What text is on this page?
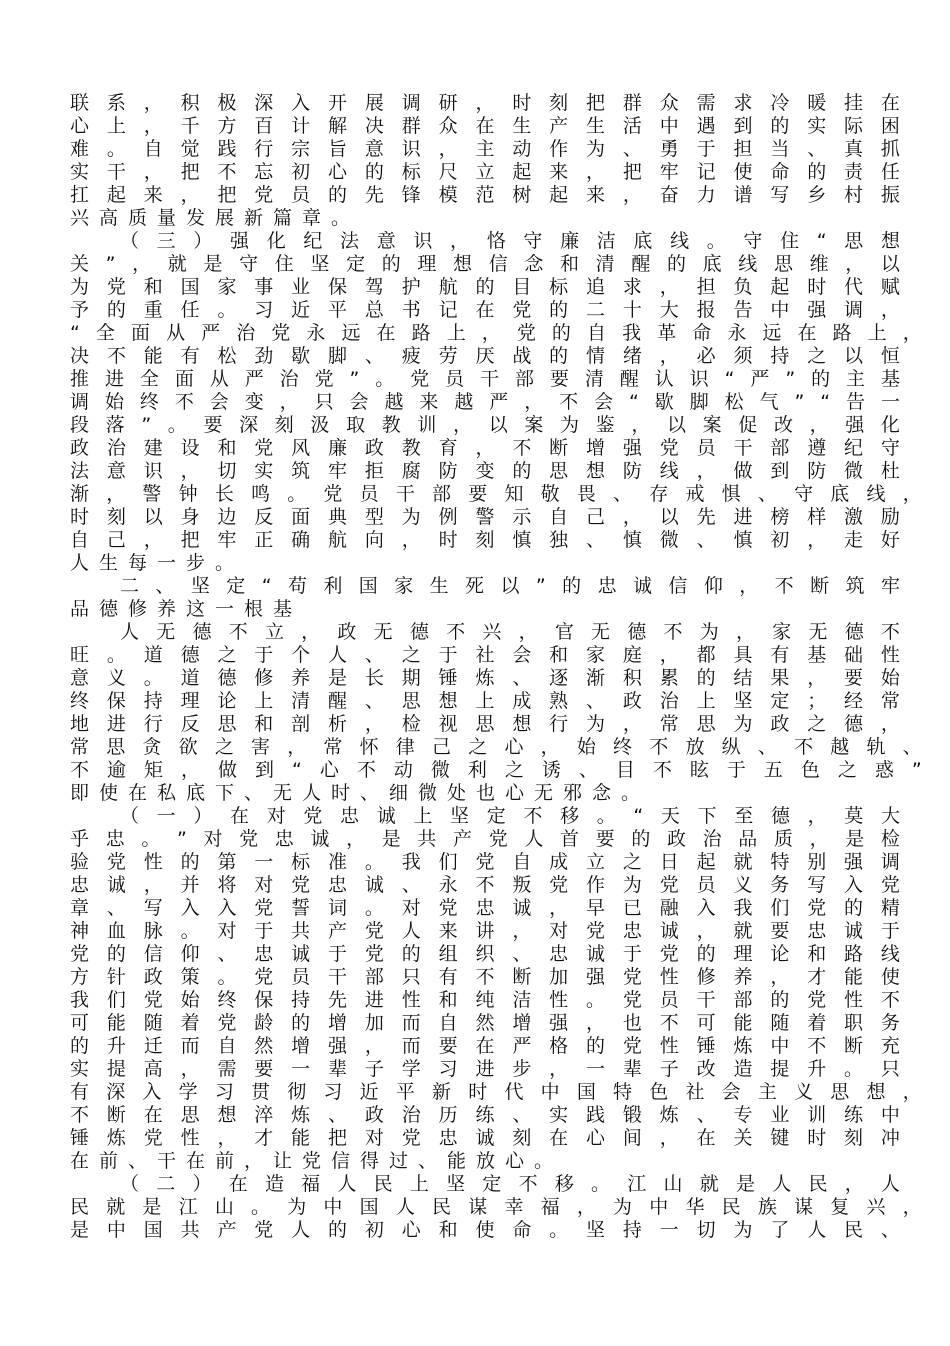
联 系 ， 积 极 深 入 开 展 调 研 ， 时 刻 把 群 众 需 求 冷 暖 挂 在
心 上 ， 千 方 百 计 解 决 群 众 在 生 产 生 活 中 遇 到 的 实 际 困
难 。 自 觉 践 行 宗 旨 意 识 ， 主 动 作 为 、 勇 于 担 当 、 真 抓
实 干 ， 把 不 忘 初 心 的 标 尺 立 起 来 ， 把 牢 记 使 命 的 责 任
扛 起 来 ， 把 党 员 的 先 锋 模 范 树 起 来 ， 奋 力 谱 写 乡 村 振
兴高质量发展新篇章。
（ 三 ） 强 化 纪 法 意 识 ， 恪 守 廉 洁 底 线 。 守 住 “ 思 想
关 ” ， 就 是 守 住 坚 定 的 理 想 信 念 和 清 醒 的 底 线 思 维 ， 以
为 党 和 国 家 事 业 保 驾 护 航 的 目 标 追 求 ， 担 负 起 时 代 赋
予 的 重 任 。 习 近 平 总 书 记 在 党 的 二 十 大 报 告 中 强 调 ，
“ 全 面 从 严 治 党 永 远 在 路 上 ， 党 的 自 我 革 命 永 远 在 路 上 ，
决 不 能 有 松 劲 歇 脚 、 疲 劳 厌 战 的 情 绪 ， 必 须 持 之 以 恒
推 进 全 面 从 严 治 党 ” 。 党 员 干 部 要 清 醒 认 识 “ 严 ” 的 主 基
调 始 终 不 会 变 ， 只 会 越 来 越 严 ， 不 会 “ 歇 脚 松 气 ” “ 告 一
段 落 ” 。 要 深 刻 汲 取 教 训 ， 以 案 为 鉴 ， 以 案 促 改 ， 强 化
政 治 建 设 和 党 风 廉 政 教 育 ， 不 断 增 强 党 员 干 部 遵 纪 守
法 意 识 ， 切 实 筑 牢 拒 腐 防 变 的 思 想 防 线 ， 做 到 防 微 杜
渐 ， 警 钟 长 鸣 。 党 员 干 部 要 知 敬 畏 、 存 戒 惧 、 守 底 线 ，
时 刻 以 身 边 反 面 典 型 为 例 警 示 自 己 ， 以 先 进 榜 样 激 励
自 己 ， 把 牢 正 确 航 向 ， 时 刻 慎 独 、 慎 微 、 慎 初 ， 走 好
人生每一步。
二 、 坚 定 “ 苟 利 国 家 生 死 以 ” 的 忠 诚 信 仰 ， 不 断 筑 牢
品德修养这一根基
人 无 德 不 立 ， 政 无 德 不 兴 ， 官 无 德 不 为 ， 家 无 德 不
旺 。 道 德 之 于 个 人 、 之 于 社 会 和 家 庭 ， 都 具 有 基 础 性
意 义 。 道 德 修 养 是 长 期 锤 炼 、 逐 渐 积 累 的 结 果 ， 要 始
终 保 持 理 论 上 清 醒 、 思 想 上 成 熟 、 政 治 上 坚 定 ； 经 常
地 进 行 反 思 和 剖 析 ， 检 视 思 想 行 为 ， 常 思 为 政 之 德 ，
常 思 贪 欲 之 害 ， 常 怀 律 己 之 心 ， 始 终 不 放 纵 、 不 越 轨 、
不 逾 矩 ， 做 到 “ 心 不 动 微 利 之 诱 、 目 不 眩 于 五 色 之 惑 ”
即使在私底下、无人时、细微处也心无邪念。
（ 一 ） 在 对 党 忠 诚 上 坚 定 不 移 。 “ 天 下 至 德 ， 莫 大
乎 忠 。 ” 对 党 忠 诚 ， 是 共 产 党 人 首 要 的 政 治 品 质 ， 是 检
验 党 性 的 第 一 标 准 。 我 们 党 自 成 立 之 日 起 就 特 别 强 调
忠 诚 ， 并 将 对 党 忠 诚 、 永 不 叛 党 作 为 党 员 义 务 写 入 党
章 、 写 入 入 党 誓 词 。 对 党 忠 诚 ， 早 已 融 入 我 们 党 的 精
神 血 脉 。 对 于 共 产 党 人 来 讲 ， 对 党 忠 诚 ， 就 要 忠 诚 于
党 的 信 仰 、 忠 诚 于 党 的 组 织 、 忠 诚 于 党 的 理 论 和 路 线
方 针 政 策 。 党 员 干 部 只 有 不 断 加 强 党 性 修 养 ， 才 能 使
我 们 党 始 终 保 持 先 进 性 和 纯 洁 性 。 党 员 干 部 的 党 性 不
可 能 随 着 党 龄 的 增 加 而 自 然 增 强 ， 也 不 可 能 随 着 职 务
的 升 迁 而 自 然 增 强 ， 而 要 在 严 格 的 党 性 锤 炼 中 不 断 充
实 提 高 ， 需 要 一 辈 子 学 习 进 步 ， 一 辈 子 改 造 提 升 。 只
有 深 入 学 习 贯 彻 习 近 平 新 时 代 中 国 特 色 社 会 主 义 思 想 ，
不 断 在 思 想 淬 炼 、 政 治 历 练 、 实 践 锻 炼 、 专 业 训 练 中
锤 炼 党 性 ， 才 能 把 对 党 忠 诚 刻 在 心 间 ， 在 关 键 时 刻 冲
在前、干在前，让党信得过、能放心。
（ 二 ） 在 造 福 人 民 上 坚 定 不 移 。 江 山 就 是 人 民 ， 人
民 就 是 江 山 。 为 中 国 人 民 谋 幸 福 ， 为 中 华 民 族 谋 复 兴 ，
是 中 国 共 产 党 人 的 初 心 和 使 命 。 坚 持 一 切 为 了 人 民 、
